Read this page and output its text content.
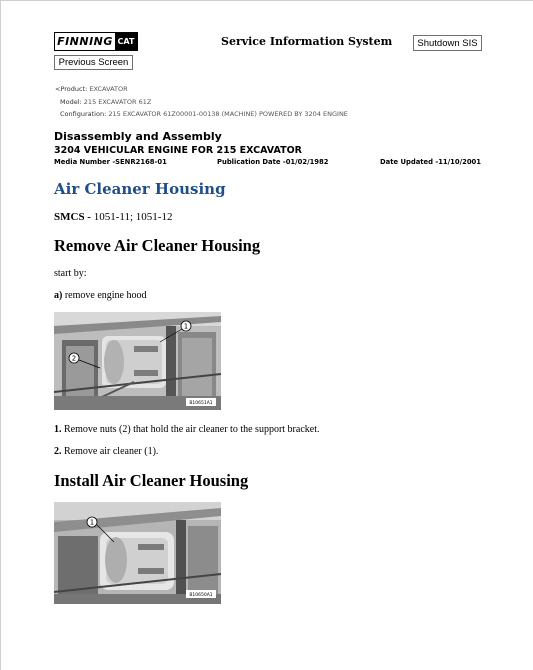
FINNING CAT	Service Information System	Shutdown SIS
Previous Screen
<Product: EXCAVATOR
Model: 215 EXCAVATOR 61Z
Configuration: 215 EXCAVATOR 61Z00001-00138 (MACHINE) POWERED BY 3204 ENGINE
Disassembly and Assembly
3204 VEHICULAR ENGINE FOR 215 EXCAVATOR
Media Number -SENR2168-01	Publication Date -01/02/1982	Date Updated -11/10/2001
Air Cleaner Housing
SMCS - 1051-11; 1051-12
Remove Air Cleaner Housing
start by:
a) remove engine hood
1
2
B10651A1
1. Remove nuts (2) that hold the air cleaner to the support bracket.
2. Remove air cleaner (1).
Install Air Cleaner Housing
1
B10650A1
